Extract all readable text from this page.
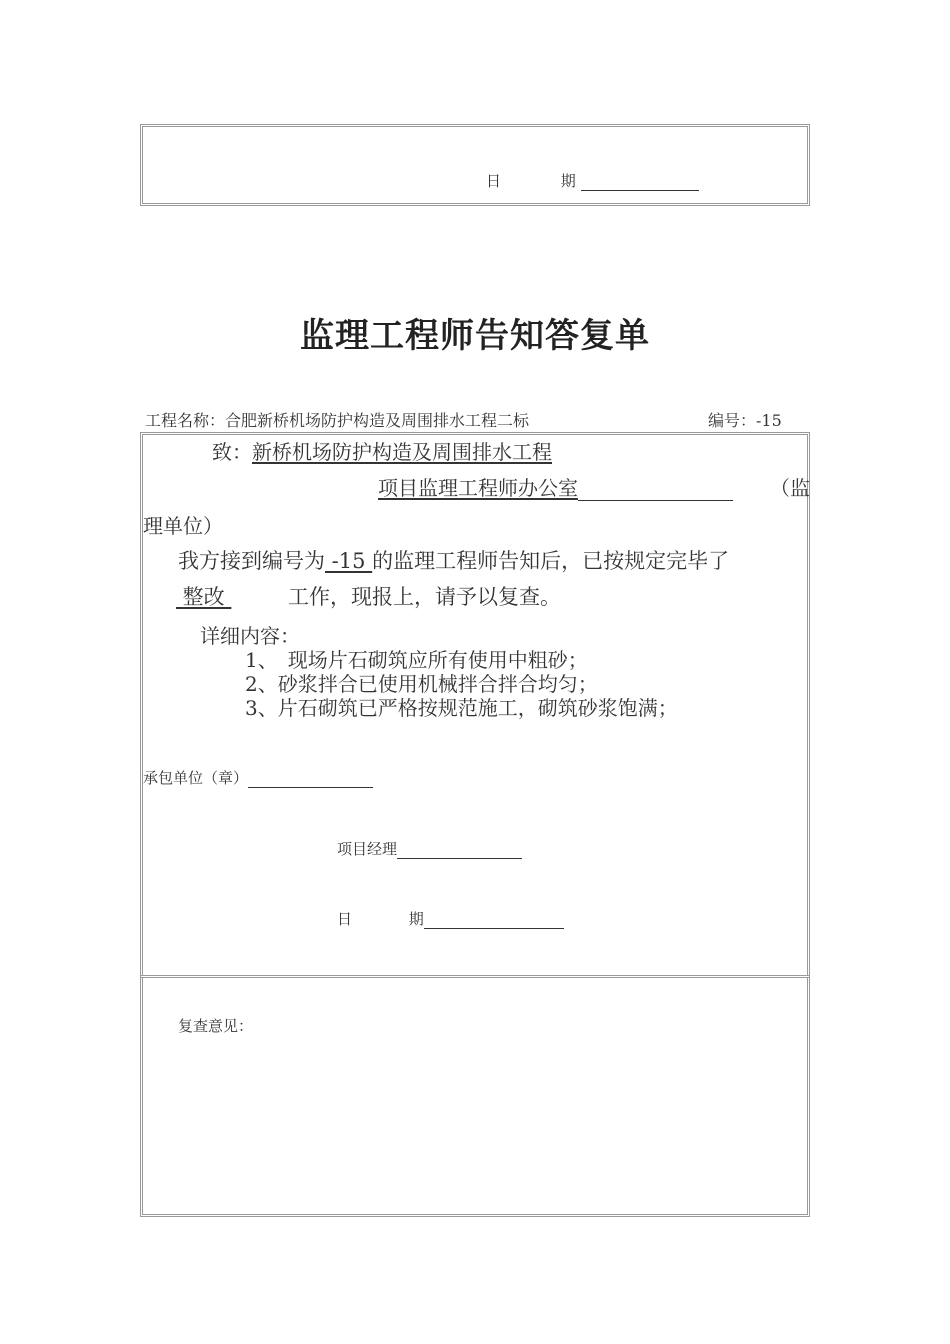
日	期
监理工程师告知答复单
工程名称：合肥新桥机场防护构造及周围排水工程二标	编号：-15
致：新桥机场防护构造及周围排水工程
项目监理工程师办公室	（监
理单位）
我方接到编号为 -15 的监理工程师告知后，已按规定完毕了
整改	工作，现报上，请予以复查。
详细内容：
1、　现场片石砌筑应所有使用中粗砂；
2、砂浆拌合已使用机械拌合拌合均匀；
3、片石砌筑已严格按规范施工，砌筑砂浆饱满；
承包单位（章）
项目经理
日	期
复查意见：
